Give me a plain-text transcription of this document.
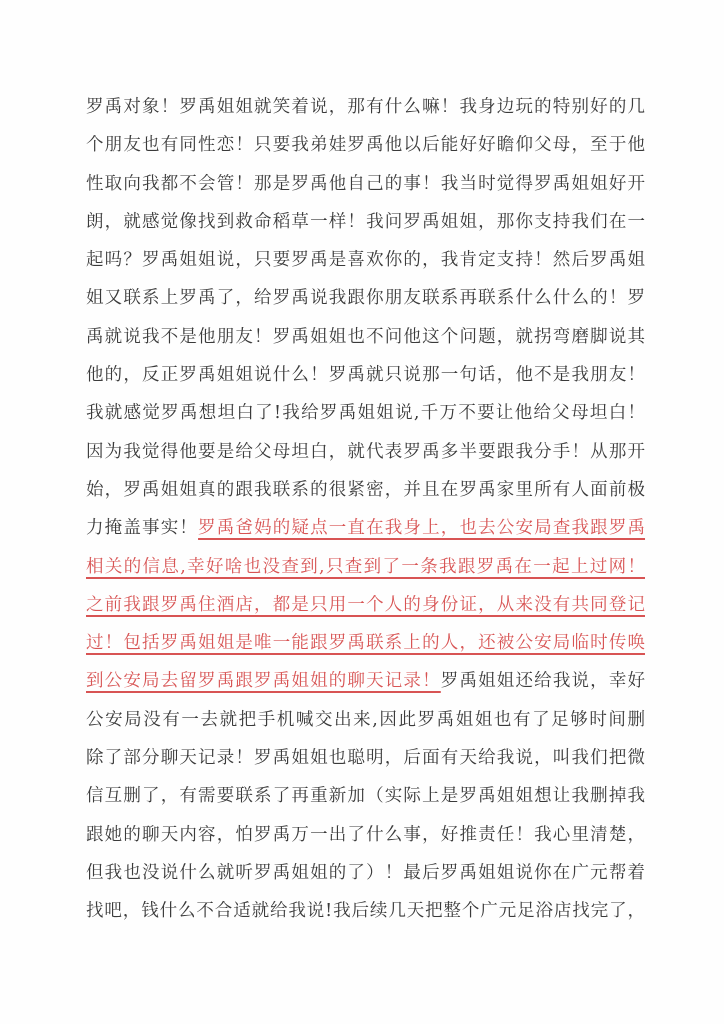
罗禹对象！罗禹姐姐就笑着说，那有什么嘛！我身边玩的特别好的几
个朋友也有同性恋！只要我弟娃罗禹他以后能好好瞻仰父母，至于他
性取向我都不会管！那是罗禹他自己的事！我当时觉得罗禹姐姐好开
朗，就感觉像找到救命稻草一样！我问罗禹姐姐，那你支持我们在一
起吗？罗禹姐姐说，只要罗禹是喜欢你的，我肯定支持！然后罗禹姐
姐又联系上罗禹了，给罗禹说我跟你朋友联系再联系什么什么的！罗
禹就说我不是他朋友！罗禹姐姐也不问他这个问题，就拐弯磨脚说其
他的，反正罗禹姐姐说什么！罗禹就只说那一句话，他不是我朋友！
我就感觉罗禹想坦白了!我给罗禹姐姐说,千万不要让他给父母坦白！
因为我觉得他要是给父母坦白，就代表罗禹多半要跟我分手！从那开
始，罗禹姐姐真的跟我联系的很紧密，并且在罗禹家里所有人面前极
力掩盖事实！罗禹爸妈的疑点一直在我身上，也去公安局查我跟罗禹
相关的信息,幸好啥也没查到,只查到了一条我跟罗禹在一起上过网！
之前我跟罗禹住酒店，都是只用一个人的身份证，从来没有共同登记
过！包括罗禹姐姐是唯一能跟罗禹联系上的人，还被公安局临时传唤
到公安局去留罗禹跟罗禹姐姐的聊天记录！罗禹姐姐还给我说，幸好
公安局没有一去就把手机喊交出来,因此罗禹姐姐也有了足够时间删
除了部分聊天记录！罗禹姐姐也聪明，后面有天给我说，叫我们把微
信互删了，有需要联系了再重新加（实际上是罗禹姐姐想让我删掉我
跟她的聊天内容，怕罗禹万一出了什么事，好推责任！我心里清楚，
但我也没说什么就听罗禹姐姐的了）！最后罗禹姐姐说你在广元帮着
找吧，钱什么不合适就给我说!我后续几天把整个广元足浴店找完了，
